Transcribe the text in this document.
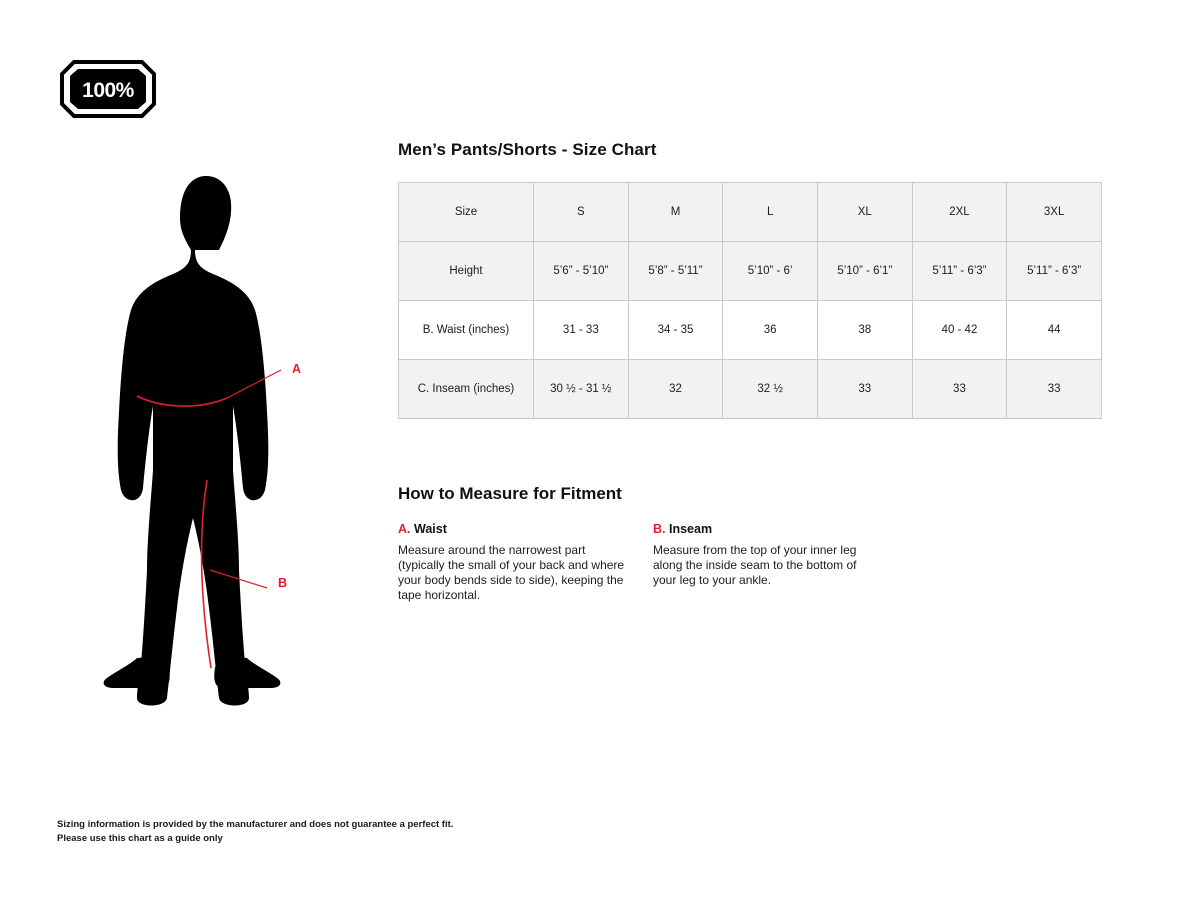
100%
A
B
Men’s Pants/Shorts - Size Chart
Size	S	M	L	XL	2XL	3XL
Height	5’6” - 5’10”	5’8” - 5’11”	5’10” - 6’	5’10” - 6’1”	5’11” - 6’3”	5’11” - 6’3”
B. Waist (inches)	31 - 33	34 - 35	36	38	40 - 42	44
C. Inseam (inches)	30 ½ - 31 ½	32	32 ½	33	33	33
How to Measure for Fitment
A. Waist
Measure around the narrowest part (typically the small of your back and where your body bends side to side), keeping the tape horizontal.
B. Inseam
Measure from the top of your inner leg along the inside seam to the bottom of your leg to your ankle.
Sizing information is provided by the manufacturer and does not guarantee a perfect fit.
Please use this chart as a guide only
